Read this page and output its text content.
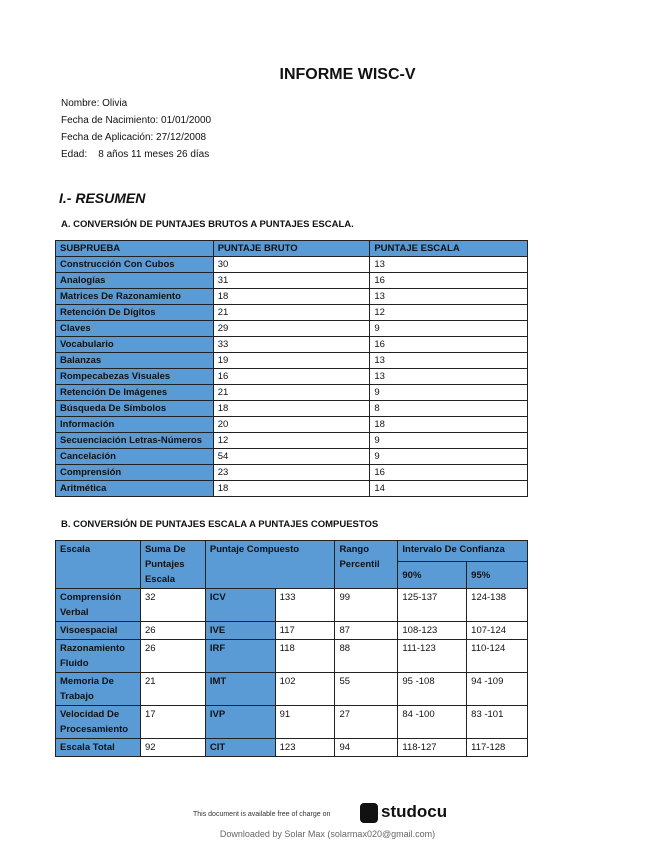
INFORME WISC-V
Nombre: Olivia
Fecha de Nacimiento: 01/01/2000
Fecha de Aplicación: 27/12/2008
Edad:    8 años 11 meses 26 días
I.- RESUMEN
A. CONVERSIÓN DE PUNTAJES BRUTOS A PUNTAJES ESCALA.
SUBPRUEBA	PUNTAJE BRUTO	PUNTAJE ESCALA
Construcción Con Cubos	30	13
Analogías	31	16
Matrices De Razonamiento	18	13
Retención De Dígitos	21	12
Claves	29	9
Vocabulario	33	16
Balanzas	19	13
Rompecabezas Visuales	16	13
Retención De Imágenes	21	9
Búsqueda De Símbolos	18	8
Información	20	18
Secuenciación Letras-Números	12	9
Cancelación	54	9
Comprensión	23	16
Aritmética	18	14
B. CONVERSIÓN DE PUNTAJES ESCALA A PUNTAJES COMPUESTOS
Escala	Suma De Puntajes Escala	Puntaje Compuesto		Rango Percentil	Intervalo De Confianza	
					90%	95%
Comprensión Verbal	32	ICV	133	99	125-137	124-138
Visoespacial	26	IVE	117	87	108-123	107-124
Razonamiento Fluido	26	IRF	118	88	111-123	110-124
Memoria De Trabajo	21	IMT	102	55	95 -108	94 -109
Velocidad De Procesamiento	17	IVP	91	27	84 -100	83 -101
Escala Total	92	CIT	123	94	118-127	117-128
This document is available free of charge on	studocu
Downloaded by Solar Max (solarmax020@gmail.com)
